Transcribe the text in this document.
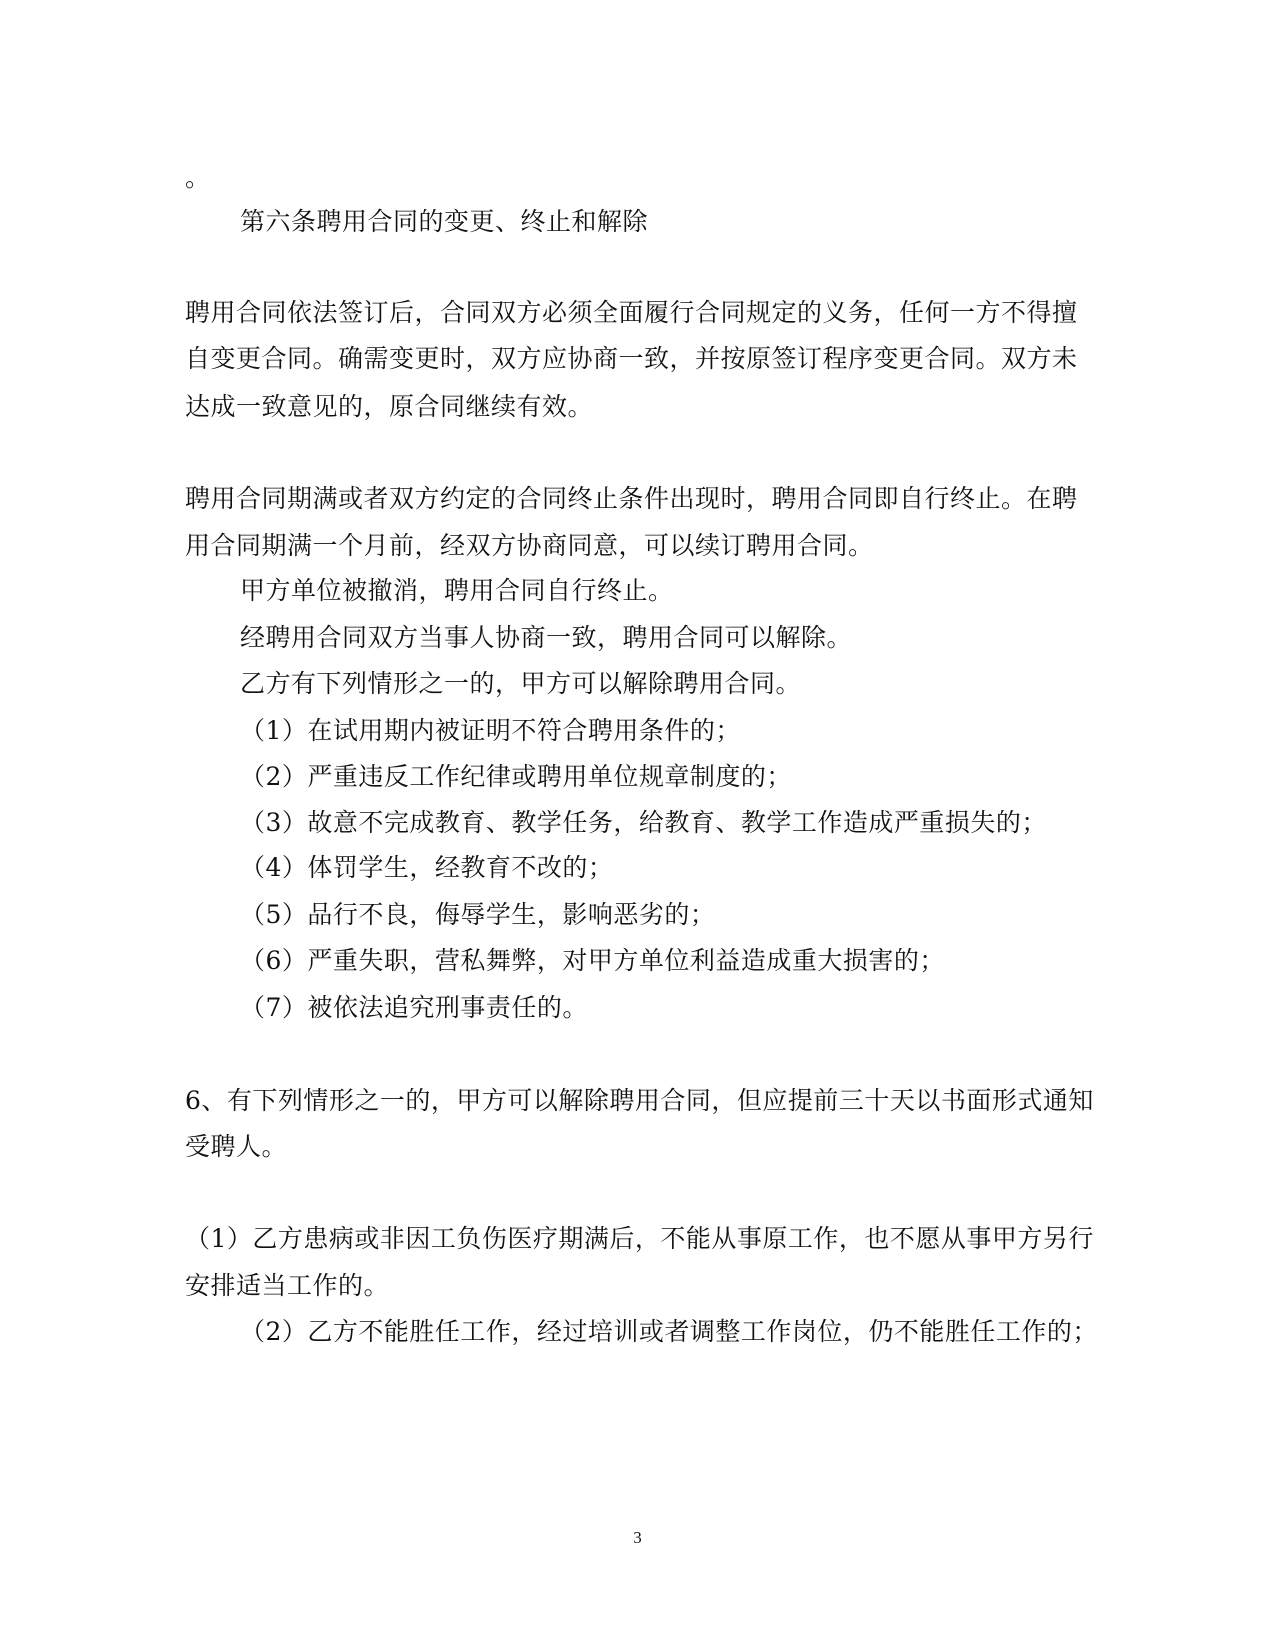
。
第六条聘用合同的变更、终止和解除
聘用合同依法签订后，合同双方必须全面履行合同规定的义务，任何一方不得擅
自变更合同。确需变更时，双方应协商一致，并按原签订程序变更合同。双方未
达成一致意见的，原合同继续有效。
聘用合同期满或者双方约定的合同终止条件出现时，聘用合同即自行终止。在聘
用合同期满一个月前，经双方协商同意，可以续订聘用合同。
甲方单位被撤消，聘用合同自行终止。
经聘用合同双方当事人协商一致，聘用合同可以解除。
乙方有下列情形之一的，甲方可以解除聘用合同。
（1）在试用期内被证明不符合聘用条件的；
（2）严重违反工作纪律或聘用单位规章制度的；
（3）故意不完成教育、教学任务，给教育、教学工作造成严重损失的；
（4）体罚学生，经教育不改的；
（5）品行不良，侮辱学生，影响恶劣的；
（6）严重失职，营私舞弊，对甲方单位利益造成重大损害的；
（7）被依法追究刑事责任的。
6、有下列情形之一的，甲方可以解除聘用合同，但应提前三十天以书面形式通知
受聘人。
（1）乙方患病或非因工负伤医疗期满后，不能从事原工作，也不愿从事甲方另行
安排适当工作的。
（2）乙方不能胜任工作，经过培训或者调整工作岗位，仍不能胜任工作的；
3
